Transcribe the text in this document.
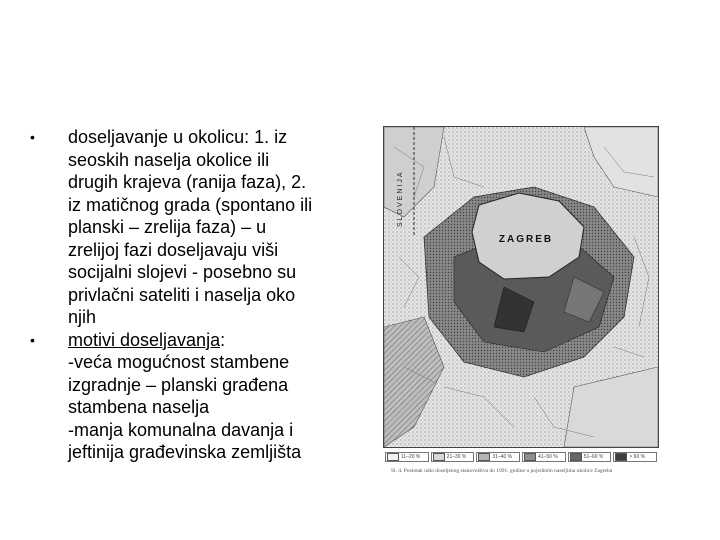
• doseljavanje u okolicu: 1. iz
seoskih naselja okolice ili
drugih krajeva (ranija faza), 2.
iz matičnog grada (spontano ili
planski – zrelija faza) – u
zrelijoj fazi doseljavaju viši
socijalni slojevi - posebno su
privlačni sateliti i naselja oko
njih
• motivi doseljavanja:
-veća mogućnost stambene
izgradnje – planski građena
stambena naselja
-manja komunalna davanja i
jeftinija građevinska zemljišta
SLOVENIJA
ZAGREB
11–20 %	21–30 %	31–40 %	41–50 %	51–60 %	> 60 %
Sl. 4. Postotak udio doseljenog stanovništva do 1991. godine u pojedinim naseljima okolice Zagreba
